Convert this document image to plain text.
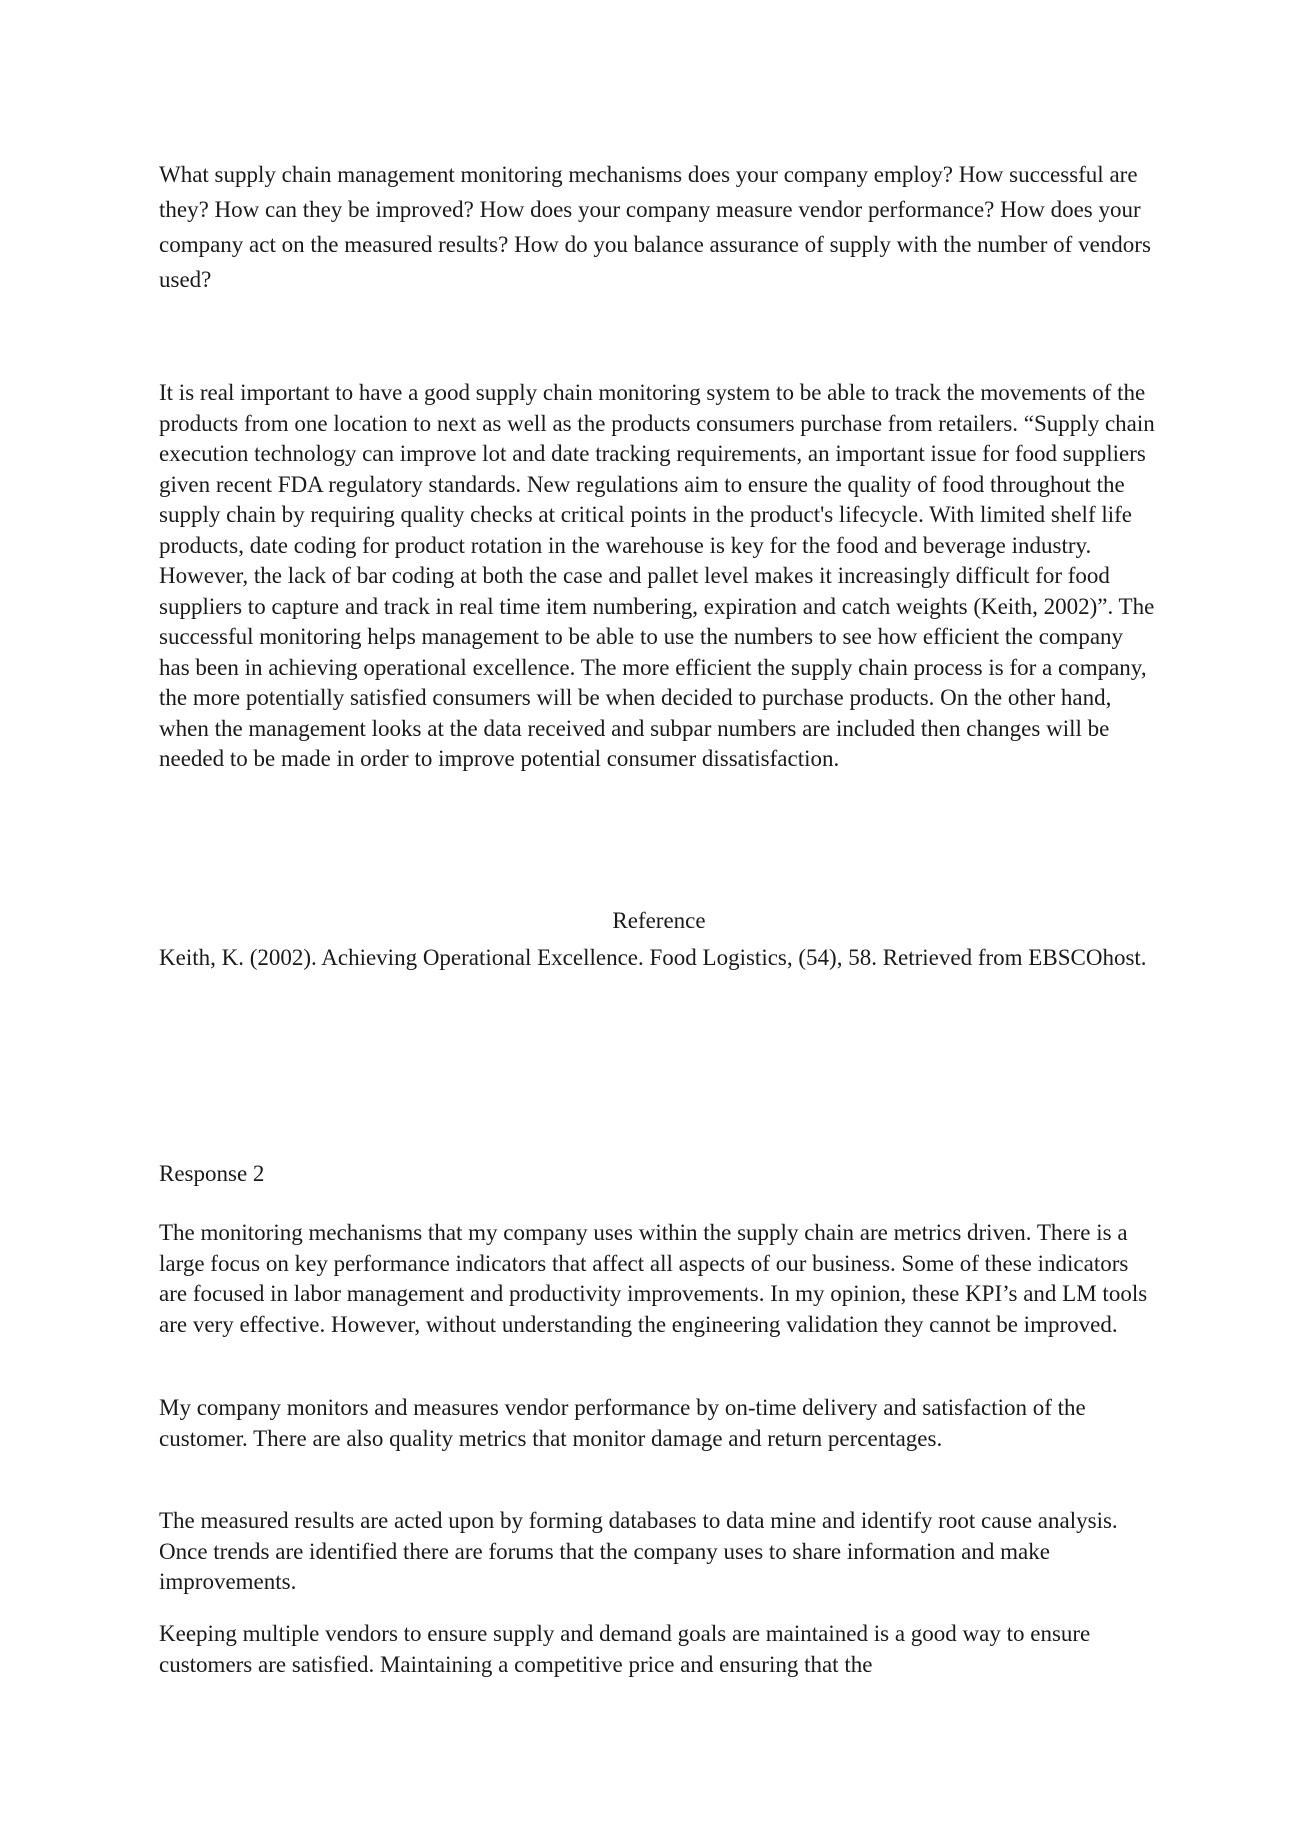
What supply chain management monitoring mechanisms does your company employ? How successful are they? How can they be improved? How does your company measure vendor performance? How does your company act on the measured results? How do you balance assurance of supply with the number of vendors used?

It is real important to have a good supply chain monitoring system to be able to track the movements of the products from one location to next as well as the products consumers purchase from retailers. “Supply chain execution technology can improve lot and date tracking requirements, an important issue for food suppliers given recent FDA regulatory standards. New regulations aim to ensure the quality of food throughout the supply chain by requiring quality checks at critical points in the product's lifecycle. With limited shelf life products, date coding for product rotation in the warehouse is key for the food and beverage industry. However, the lack of bar coding at both the case and pallet level makes it increasingly difficult for food suppliers to capture and track in real time item numbering, expiration and catch weights (Keith, 2002)”. The successful monitoring helps management to be able to use the numbers to see how efficient the company has been in achieving operational excellence. The more efficient the supply chain process is for a company, the more potentially satisfied consumers will be when decided to purchase products. On the other hand, when the management looks at the data received and subpar numbers are included then changes will be needed to be made in order to improve potential consumer dissatisfaction.

Reference

Keith, K. (2002). Achieving Operational Excellence. Food Logistics, (54), 58. Retrieved from EBSCOhost.

Response 2

The monitoring mechanisms that my company uses within the supply chain are metrics driven. There is a large focus on key performance indicators that affect all aspects of our business. Some of these indicators are focused in labor management and productivity improvements. In my opinion, these KPI’s and LM tools are very effective. However, without understanding the engineering validation they cannot be improved.

My company monitors and measures vendor performance by on-time delivery and satisfaction of the customer. There are also quality metrics that monitor damage and return percentages.

The measured results are acted upon by forming databases to data mine and identify root cause analysis. Once trends are identified there are forums that the company uses to share information and make improvements.

Keeping multiple vendors to ensure supply and demand goals are maintained is a good way to ensure customers are satisfied. Maintaining a competitive price and ensuring that the
